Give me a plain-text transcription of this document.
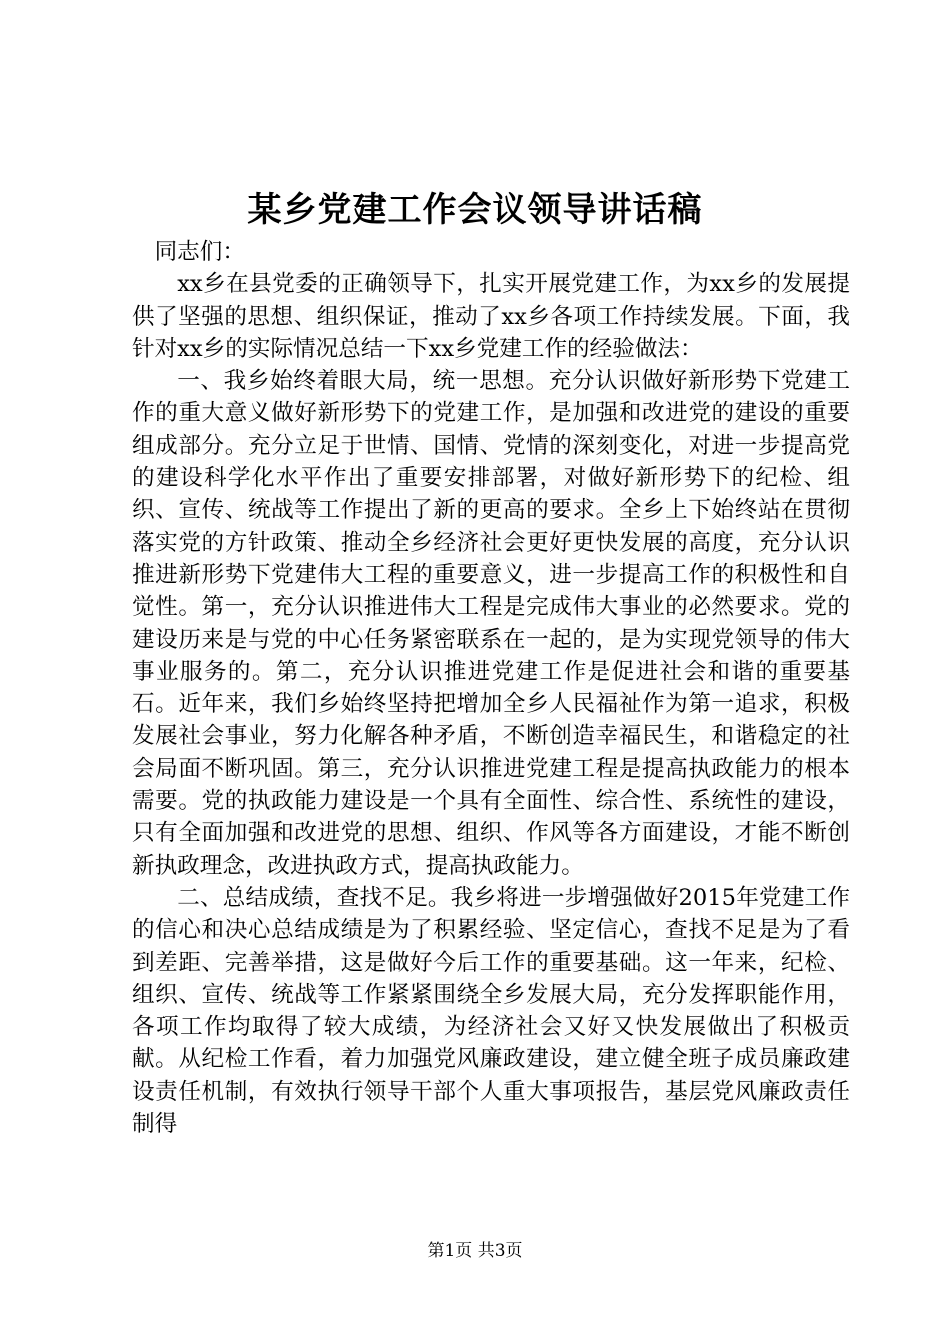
某乡党建工作会议领导讲话稿

同志们：

xx乡在县党委的正确领导下，扎实开展党建工作，为xx乡的发展提供了坚强的思想、组织保证，推动了xx乡各项工作持续发展。下面，我针对xx乡的实际情况总结一下xx乡党建工作的经验做法：

一、我乡始终着眼大局，统一思想。充分认识做好新形势下党建工作的重大意义做好新形势下的党建工作，是加强和改进党的建设的重要组成部分。充分立足于世情、国情、党情的深刻变化，对进一步提高党的建设科学化水平作出了重要安排部署，对做好新形势下的纪检、组织、宣传、统战等工作提出了新的更高的要求。全乡上下始终站在贯彻落实党的方针政策、推动全乡经济社会更好更快发展的高度，充分认识推进新形势下党建伟大工程的重要意义，进一步提高工作的积极性和自觉性。第一，充分认识推进伟大工程是完成伟大事业的必然要求。党的建设历来是与党的中心任务紧密联系在一起的，是为实现党领导的伟大事业服务的。第二，充分认识推进党建工作是促进社会和谐的重要基石。近年来，我们乡始终坚持把增加全乡人民福祉作为第一追求，积极发展社会事业，努力化解各种矛盾，不断创造幸福民生，和谐稳定的社会局面不断巩固。第三，充分认识推进党建工程是提高执政能力的根本需要。党的执政能力建设是一个具有全面性、综合性、系统性的建设，只有全面加强和改进党的思想、组织、作风等各方面建设，才能不断创新执政理念，改进执政方式，提高执政能力。

二、总结成绩，查找不足。我乡将进一步增强做好2015年党建工作的信心和决心总结成绩是为了积累经验、坚定信心，查找不足是为了看到差距、完善举措，这是做好今后工作的重要基础。这一年来，纪检、组织、宣传、统战等工作紧紧围绕全乡发展大局，充分发挥职能作用，各项工作均取得了较大成绩，为经济社会又好又快发展做出了积极贡献。从纪检工作看，着力加强党风廉政建设，建立健全班子成员廉政建设责任机制，有效执行领导干部个人重大事项报告，基层党风廉政责任制得

第1页 共3页
